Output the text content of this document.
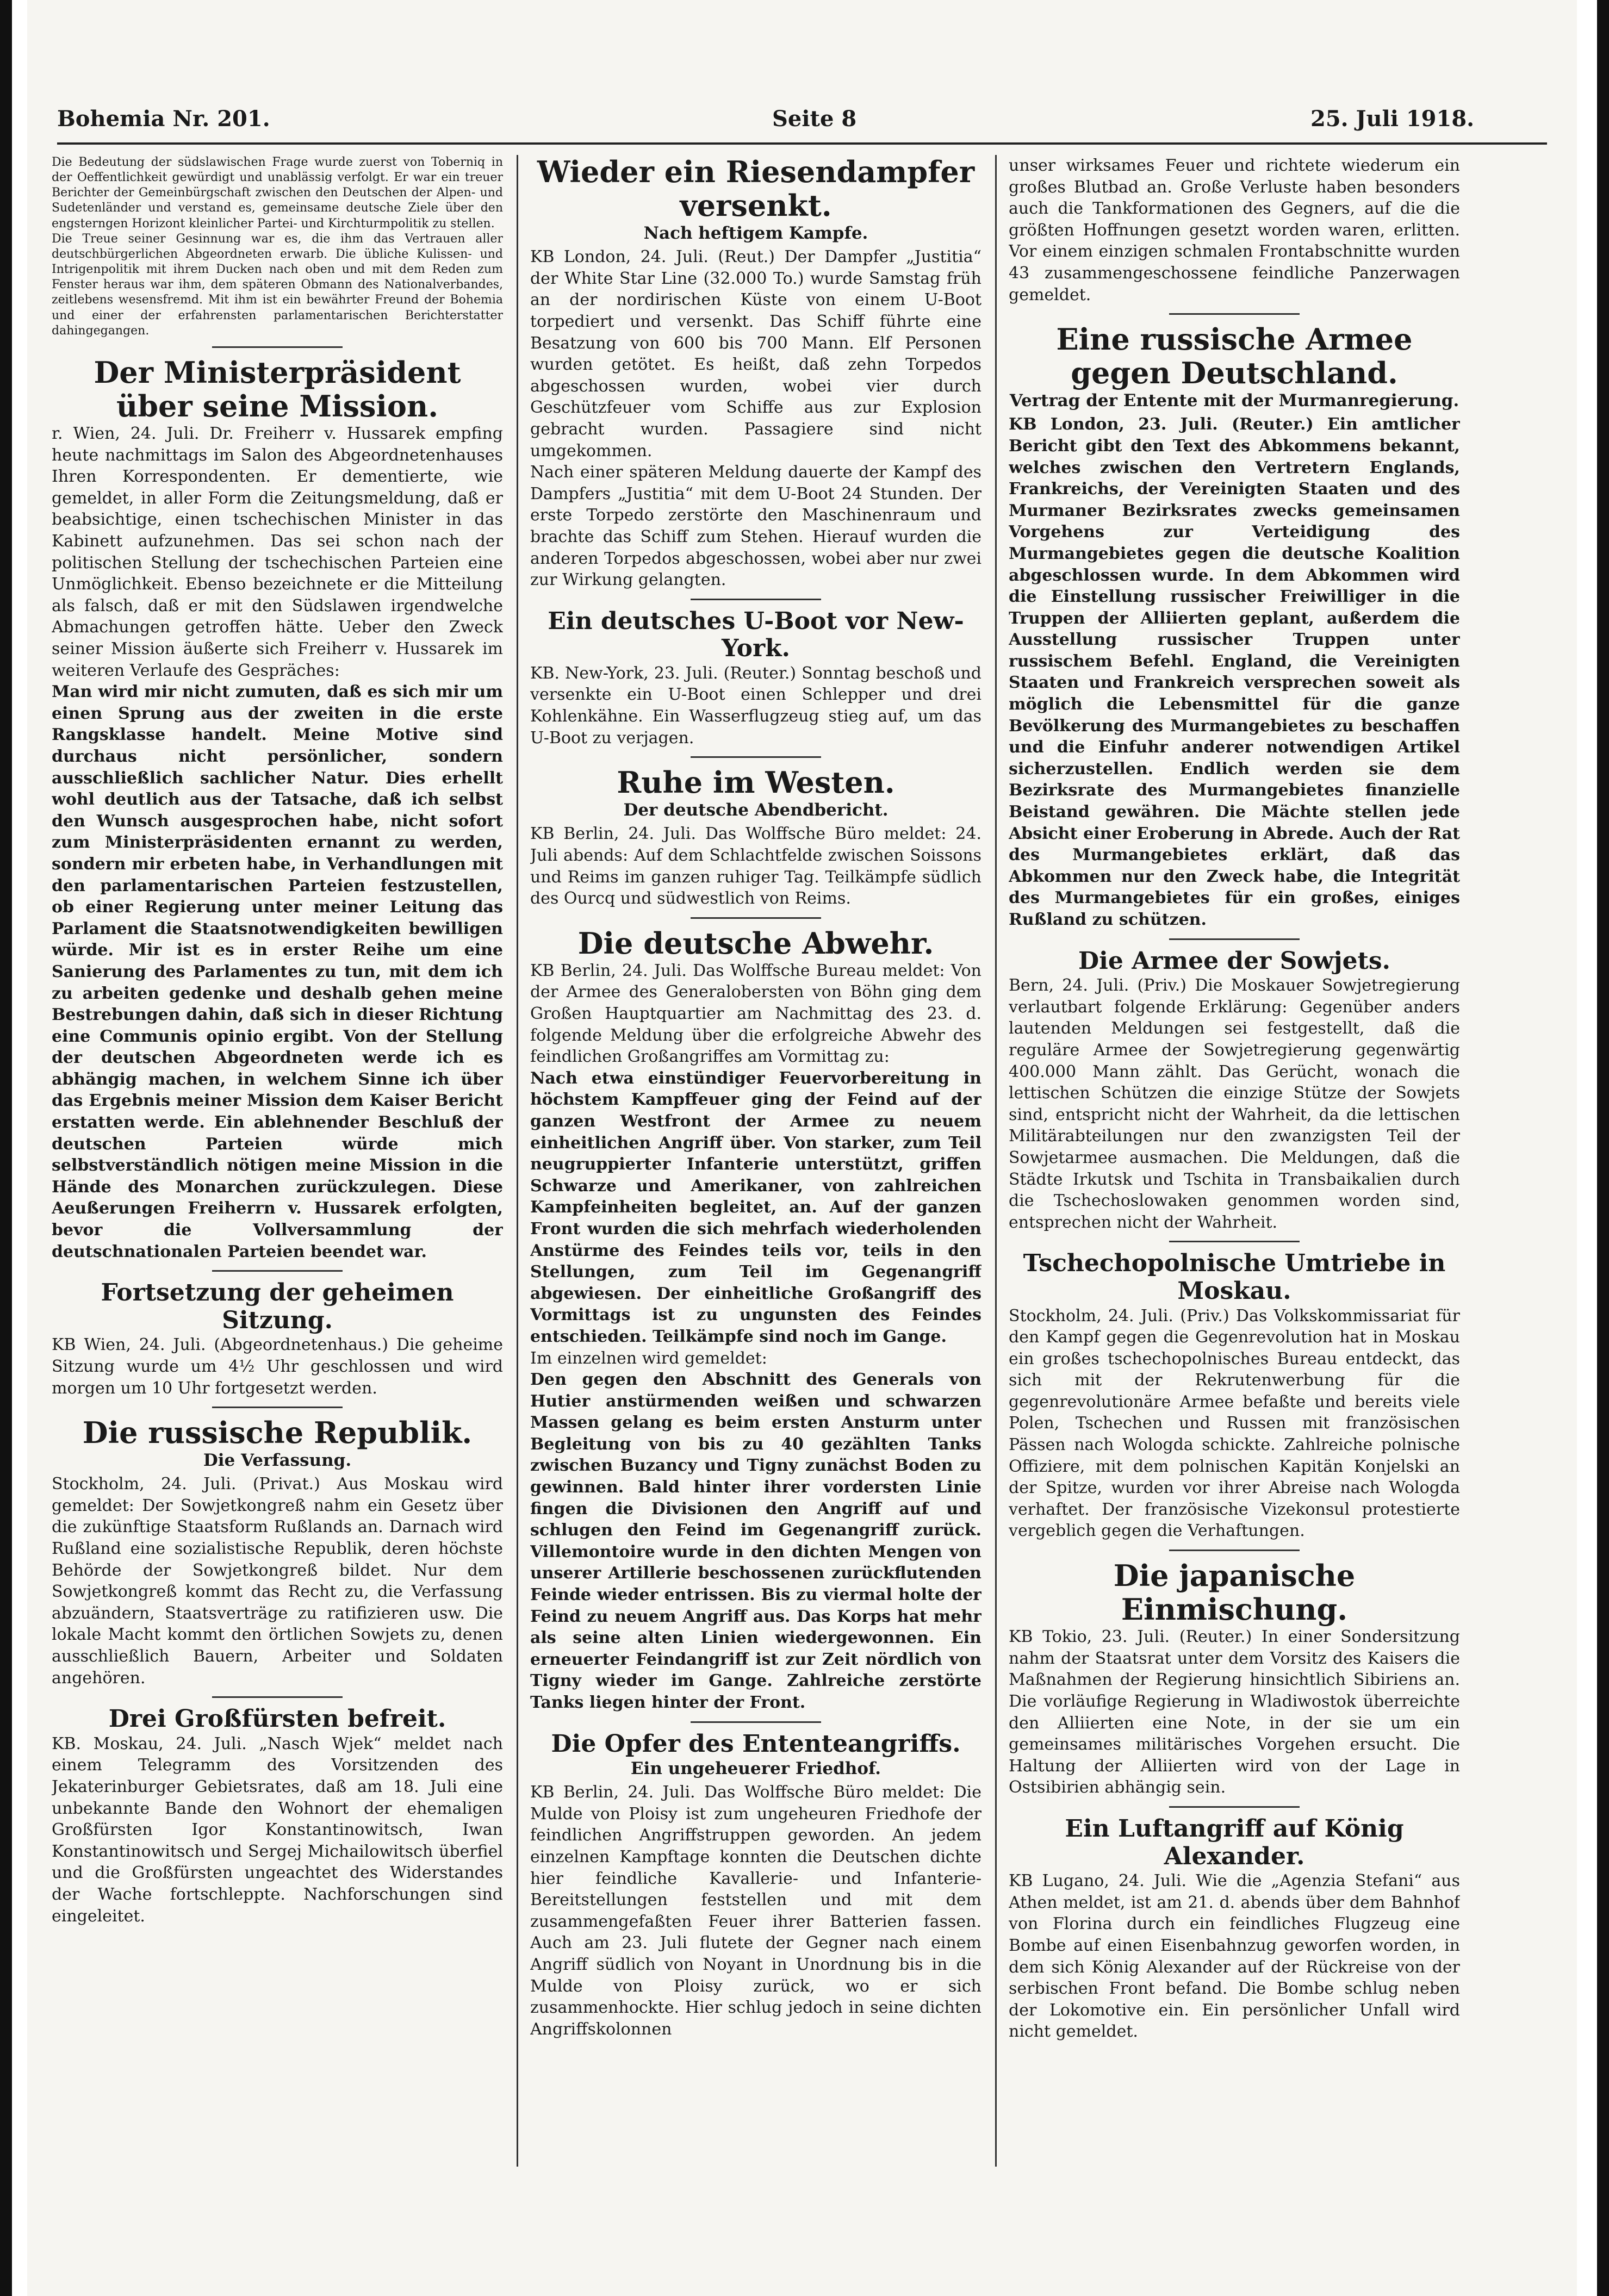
Bohemia Nr. 201.	Seite 8	25. Juli 1918.

Die Bedeutung der südslawischen Frage wurde zuerst von Toberniq in der Oeffentlichkeit gewürdigt und unablässig verfolgt. Er war ein treuer Berichter der Gemeinbürgschaft zwischen den Deutschen der Alpen- und Sudetenländer und verstand es, gemeinsame deutsche Ziele über den engsterngen Horizont kleinlicher Partei- und Kirchturmpolitik zu stellen.

Die Treue seiner Gesinnung war es, die ihm das Vertrauen aller deutschbürgerlichen Abgeordneten erwarb. Die übliche Kulissen- und Intrigenpolitik mit ihrem Ducken nach oben und mit dem Reden zum Fenster heraus war ihm, dem späteren Obmann des Nationalverbandes, zeitlebens wesensfremd. Mit ihm ist ein bewährter Freund der Bohemia und einer der erfahrensten parlamentarischen Berichterstatter dahingegangen.

Der Ministerpräsident über seine Mission.

r. Wien, 24. Juli. Dr. Freiherr v. Hussarek empfing heute nachmittags im Salon des Abgeordnetenhauses Ihren Korrespondenten. Er dementierte, wie gemeldet, in aller Form die Zeitungsmeldung, daß er beabsichtige, einen tschechischen Minister in das Kabinett aufzunehmen. Das sei schon nach der politischen Stellung der tschechischen Parteien eine Unmöglichkeit. Ebenso bezeichnete er die Mitteilung als falsch, daß er mit den Südslawen irgendwelche Abmachungen getroffen hätte. Ueber den Zweck seiner Mission äußerte sich Freiherr v. Hussarek im weiteren Verlaufe des Gespräches:

Man wird mir nicht zumuten, daß es sich mir um einen Sprung aus der zweiten in die erste Rangsklasse handelt. Meine Motive sind durchaus nicht persönlicher, sondern ausschließlich sachlicher Natur. Dies erhellt wohl deutlich aus der Tatsache, daß ich selbst den Wunsch ausgesprochen habe, nicht sofort zum Ministerpräsidenten ernannt zu werden, sondern mir erbeten habe, in Verhandlungen mit den parlamentarischen Parteien festzustellen, ob einer Regierung unter meiner Leitung das Parlament die Staatsnotwendigkeiten bewilligen würde. Mir ist es in erster Reihe um eine Sanierung des Parlamentes zu tun, mit dem ich zu arbeiten gedenke und deshalb gehen meine Bestrebungen dahin, daß sich in dieser Richtung eine Communis opinio ergibt. Von der Stellung der deutschen Abgeordneten werde ich es abhängig machen, in welchem Sinne ich über das Ergebnis meiner Mission dem Kaiser Bericht erstatten werde. Ein ablehnender Beschluß der deutschen Parteien würde mich selbstverständlich nötigen meine Mission in die Hände des Monarchen zurückzulegen. Diese Aeußerungen Freiherrn v. Hussarek erfolgten, bevor die Vollversammlung der deutschnationalen Parteien beendet war.

Fortsetzung der geheimen Sitzung.

KB Wien, 24. Juli. (Abgeordnetenhaus.) Die geheime Sitzung wurde um 4½ Uhr geschlossen und wird morgen um 10 Uhr fortgesetzt werden.

Die russische Republik.
Die Verfassung.

Stockholm, 24. Juli. (Privat.) Aus Moskau wird gemeldet: Der Sowjetkongreß nahm ein Gesetz über die zukünftige Staatsform Rußlands an. Darnach wird Rußland eine sozialistische Republik, deren höchste Behörde der Sowjetkongreß bildet. Nur dem Sowjetkongreß kommt das Recht zu, die Verfassung abzuändern, Staatsverträge zu ratifizieren usw. Die lokale Macht kommt den örtlichen Sowjets zu, denen ausschließlich Bauern, Arbeiter und Soldaten angehören.

Drei Großfürsten befreit.

KB. Moskau, 24. Juli. „Nasch Wjek“ meldet nach einem Telegramm des Vorsitzenden des Jekaterinburger Gebietsrates, daß am 18. Juli eine unbekannte Bande den Wohnort der ehemaligen Großfürsten Igor Konstantinowitsch, Iwan Konstantinowitsch und Sergej Michailowitsch überfiel und die Großfürsten ungeachtet des Widerstandes der Wache fortschleppte. Nachforschungen sind eingeleitet.

Wieder ein Riesendampfer versenkt.
Nach heftigem Kampfe.

KB London, 24. Juli. (Reut.) Der Dampfer „Justitia“ der White Star Line (32.000 To.) wurde Samstag früh an der nordirischen Küste von einem U-Boot torpediert und versenkt. Das Schiff führte eine Besatzung von 600 bis 700 Mann. Elf Personen wurden getötet. Es heißt, daß zehn Torpedos abgeschossen wurden, wobei vier durch Geschützfeuer vom Schiffe aus zur Explosion gebracht wurden. Passagiere sind nicht umgekommen.

Nach einer späteren Meldung dauerte der Kampf des Dampfers „Justitia“ mit dem U-Boot 24 Stunden. Der erste Torpedo zerstörte den Maschinenraum und brachte das Schiff zum Stehen. Hierauf wurden die anderen Torpedos abgeschossen, wobei aber nur zwei zur Wirkung gelangten.

Ein deutsches U-Boot vor New-York.

KB. New-York, 23. Juli. (Reuter.) Sonntag beschoß und versenkte ein U-Boot einen Schlepper und drei Kohlenkähne. Ein Wasserflugzeug stieg auf, um das U-Boot zu verjagen.

Ruhe im Westen.
Der deutsche Abendbericht.

KB Berlin, 24. Juli. Das Wolffsche Büro meldet: 24. Juli abends: Auf dem Schlachtfelde zwischen Soissons und Reims im ganzen ruhiger Tag. Teilkämpfe südlich des Ourcq und südwestlich von Reims.

Die deutsche Abwehr.

KB Berlin, 24. Juli. Das Wolffsche Bureau meldet: Von der Armee des Generalobersten von Böhn ging dem Großen Hauptquartier am Nachmittag des 23. d. folgende Meldung über die erfolgreiche Abwehr des feindlichen Großangriffes am Vormittag zu:

Nach etwa einstündiger Feuervorbereitung in höchstem Kampffeuer ging der Feind auf der ganzen Westfront der Armee zu neuem einheitlichen Angriff über. Von starker, zum Teil neugruppierter Infanterie unterstützt, griffen Schwarze und Amerikaner, von zahlreichen Kampfeinheiten begleitet, an. Auf der ganzen Front wurden die sich mehrfach wiederholenden Anstürme des Feindes teils vor, teils in den Stellungen, zum Teil im Gegenangriff abgewiesen. Der einheitliche Großangriff des Vormittags ist zu ungunsten des Feindes entschieden. Teilkämpfe sind noch im Gange.

Im einzelnen wird gemeldet:

Den gegen den Abschnitt des Generals von Hutier anstürmenden weißen und schwarzen Massen gelang es beim ersten Ansturm unter Begleitung von bis zu 40 gezählten Tanks zwischen Buzancy und Tigny zunächst Boden zu gewinnen. Bald hinter ihrer vordersten Linie fingen die Divisionen den Angriff auf und schlugen den Feind im Gegenangriff zurück. Villemontoire wurde in den dichten Mengen von unserer Artillerie beschossenen zurückflutenden Feinde wieder entrissen. Bis zu viermal holte der Feind zu neuem Angriff aus. Das Korps hat mehr als seine alten Linien wiedergewonnen. Ein erneuerter Feindangriff ist zur Zeit nördlich von Tigny wieder im Gange. Zahlreiche zerstörte Tanks liegen hinter der Front.

Die Opfer des Ententeangriffs.
Ein ungeheuerer Friedhof.

KB Berlin, 24. Juli. Das Wolffsche Büro meldet: Die Mulde von Ploisy ist zum ungeheuren Friedhofe der feindlichen Angriffstruppen geworden. An jedem einzelnen Kampftage konnten die Deutschen dichte hier feindliche Kavallerie- und Infanterie-Bereitstellungen feststellen und mit dem zusammengefaßten Feuer ihrer Batterien fassen. Auch am 23. Juli flutete der Gegner nach einem Angriff südlich von Noyant in Unordnung bis in die Mulde von Ploisy zurück, wo er sich zusammenhockte. Hier schlug jedoch in seine dichten Angriffskolonnen

unser wirksames Feuer und richtete wiederum ein großes Blutbad an. Große Verluste haben besonders auch die Tankformationen des Gegners, auf die die größten Hoffnungen gesetzt worden waren, erlitten. Vor einem einzigen schmalen Frontabschnitte wurden 43 zusammengeschossene feindliche Panzerwagen gemeldet.

Eine russische Armee gegen Deutschland.
Vertrag der Entente mit der Murmanregierung.

KB London, 23. Juli. (Reuter.) Ein amtlicher Bericht gibt den Text des Abkommens bekannt, welches zwischen den Vertretern Englands, Frankreichs, der Vereinigten Staaten und des Murmaner Bezirksrates zwecks gemeinsamen Vorgehens zur Verteidigung des Murmangebietes gegen die deutsche Koalition abgeschlossen wurde. In dem Abkommen wird die Einstellung russischer Freiwilliger in die Truppen der Alliierten geplant, außerdem die Ausstellung russischer Truppen unter russischem Befehl. England, die Vereinigten Staaten und Frankreich versprechen soweit als möglich die Lebensmittel für die ganze Bevölkerung des Murmangebietes zu beschaffen und die Einfuhr anderer notwendigen Artikel sicherzustellen. Endlich werden sie dem Bezirksrate des Murmangebietes finanzielle Beistand gewähren. Die Mächte stellen jede Absicht einer Eroberung in Abrede. Auch der Rat des Murmangebietes erklärt, daß das Abkommen nur den Zweck habe, die Integrität des Murmangebietes für ein großes, einiges Rußland zu schützen.

Die Armee der Sowjets.

Bern, 24. Juli. (Priv.) Die Moskauer Sowjetregierung verlautbart folgende Erklärung: Gegenüber anders lautenden Meldungen sei festgestellt, daß die reguläre Armee der Sowjetregierung gegenwärtig 400.000 Mann zählt. Das Gerücht, wonach die lettischen Schützen die einzige Stütze der Sowjets sind, entspricht nicht der Wahrheit, da die lettischen Militärabteilungen nur den zwanzigsten Teil der Sowjetarmee ausmachen. Die Meldungen, daß die Städte Irkutsk und Tschita in Transbaikalien durch die Tschechoslowaken genommen worden sind, entsprechen nicht der Wahrheit.

Tschechopolnische Umtriebe in Moskau.

Stockholm, 24. Juli. (Priv.) Das Volkskommissariat für den Kampf gegen die Gegenrevolution hat in Moskau ein großes tschechopolnisches Bureau entdeckt, das sich mit der Rekrutenwerbung für die gegenrevolutionäre Armee befaßte und bereits viele Polen, Tschechen und Russen mit französischen Pässen nach Wologda schickte. Zahlreiche polnische Offiziere, mit dem polnischen Kapitän Konjelski an der Spitze, wurden vor ihrer Abreise nach Wologda verhaftet. Der französische Vizekonsul protestierte vergeblich gegen die Verhaftungen.

Die japanische Einmischung.

KB Tokio, 23. Juli. (Reuter.) In einer Sondersitzung nahm der Staatsrat unter dem Vorsitz des Kaisers die Maßnahmen der Regierung hinsichtlich Sibiriens an. Die vorläufige Regierung in Wladiwostok überreichte den Alliierten eine Note, in der sie um ein gemeinsames militärisches Vorgehen ersucht. Die Haltung der Alliierten wird von der Lage in Ostsibirien abhängig sein.

Ein Luftangriff auf König Alexander.

KB Lugano, 24. Juli. Wie die „Agenzia Stefani“ aus Athen meldet, ist am 21. d. abends über dem Bahnhof von Florina durch ein feindliches Flugzeug eine Bombe auf einen Eisenbahnzug geworfen worden, in dem sich König Alexander auf der Rückreise von der serbischen Front befand. Die Bombe schlug neben der Lokomotive ein. Ein persönlicher Unfall wird nicht gemeldet.
